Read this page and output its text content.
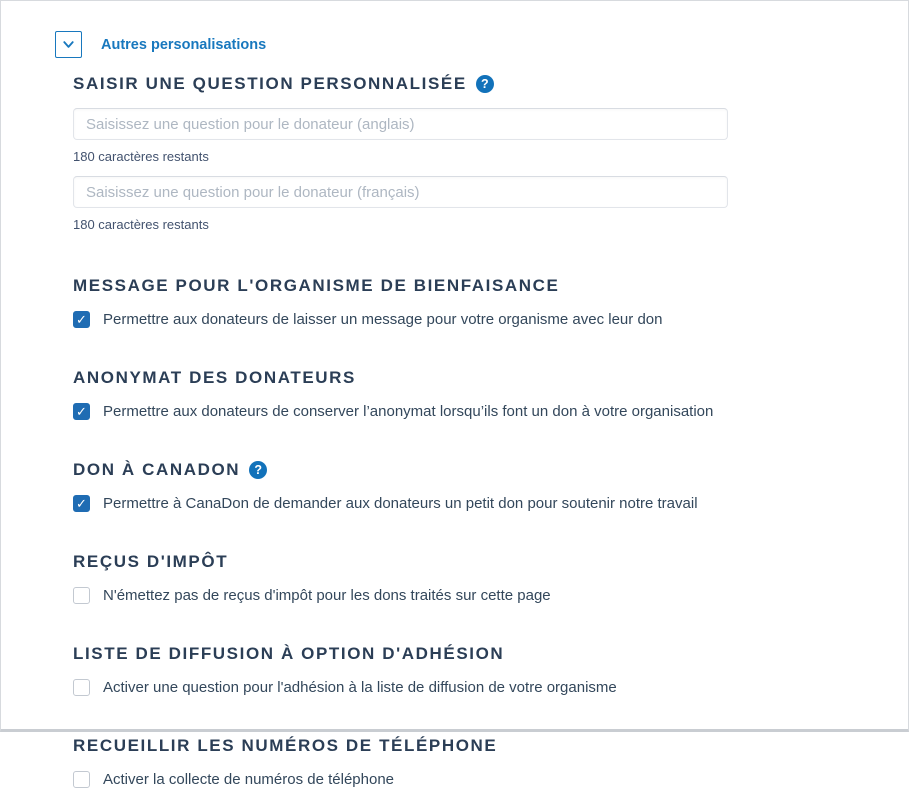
Autres personalisations
SAISIR UNE QUESTION PERSONNALISÉE	?
Saisissez une question pour le donateur (anglais)
180 caractères restants
Saisissez une question pour le donateur (français)
180 caractères restants
MESSAGE POUR L'ORGANISME DE BIENFAISANCE
✓ Permettre aux donateurs de laisser un message pour votre organisme avec leur don
ANONYMAT DES DONATEURS
✓ Permettre aux donateurs de conserver l’anonymat lorsqu’ils font un don à votre organisation
DON À CANADON	?
✓ Permettre à CanaDon de demander aux donateurs un petit don pour soutenir notre travail
REÇUS D'IMPÔT
N'émettez pas de reçus d'impôt pour les dons traités sur cette page
LISTE DE DIFFUSION À OPTION D'ADHÉSION
Activer une question pour l'adhésion à la liste de diffusion de votre organisme
RECUEILLIR LES NUMÉROS DE TÉLÉPHONE
Activer la collecte de numéros de téléphone
